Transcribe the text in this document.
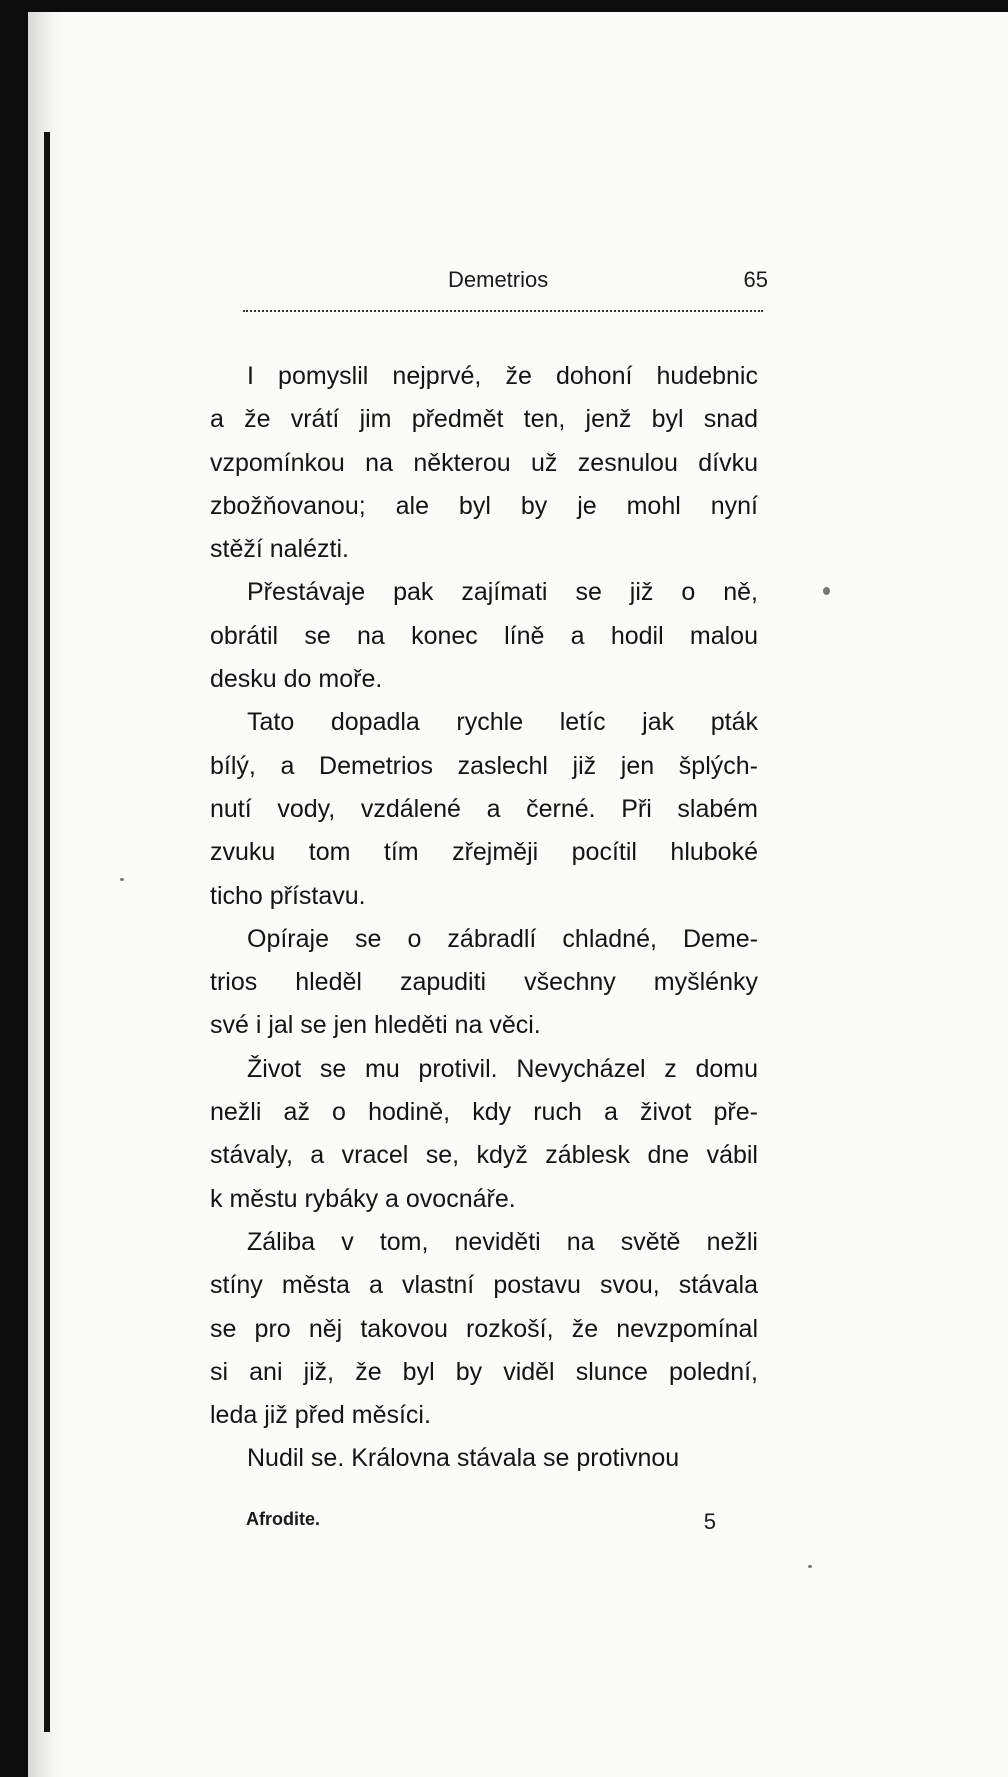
Demetrios	65
I pomyslil nejprvé, že dohoní hudebnic
a že vrátí jim předmět ten, jenž byl snad
vzpomínkou na některou už zesnulou dívku
zbožňovanou; ale byl by je mohl nyní
stěží nalézti.
Přestávaje pak zajímati se již o ně,
obrátil se na konec líně a hodil malou
desku do moře.
Tato dopadla rychle letíc jak pták
bílý, a Demetrios zaslechl již jen šplých-
nutí vody, vzdálené a černé. Při slabém
zvuku tom tím zřejměji pocítil hluboké
ticho přístavu.
Opíraje se o zábradlí chladné, Deme-
trios hleděl zapuditi všechny myšlénky
své i jal se jen hleděti na věci.
Život se mu protivil. Nevycházel z domu
nežli až o hodině, kdy ruch a život pře-
stávaly, a vracel se, když záblesk dne vábil
k městu rybáky a ovocnáře.
Záliba v tom, neviděti na světě nežli
stíny města a vlastní postavu svou, stávala
se pro něj takovou rozkoší, že nevzpomínal
si ani již, že byl by viděl slunce polední,
leda již před měsíci.
Nudil se. Královna stávala se protivnou
Afrodite.	5
